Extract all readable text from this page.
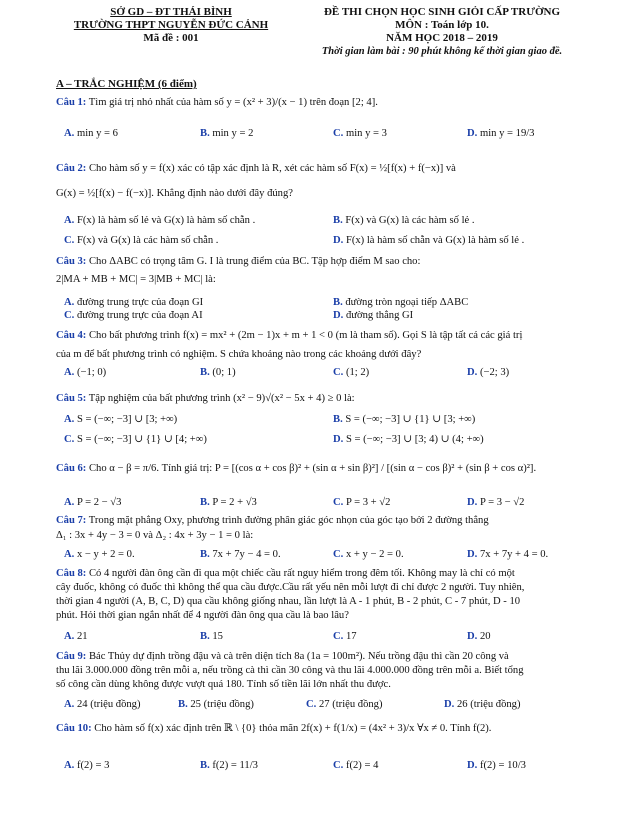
SỞ GD – ĐT THÁI BÌNH
TRƯỜNG THPT NGUYỄN ĐỨC CẢNH
Mã đề : 001
ĐỀ THI CHỌN HỌC SINH GIỎI CẤP TRƯỜNG
MÔN : Toán lớp 10.
NĂM HỌC 2018 – 2019
Thời gian làm bài : 90 phút không kể thời gian giao đề.
A – TRẮC NGHIỆM (6 điểm)
Câu 1: Tìm giá trị nhỏ nhất của hàm số y = (x² + 3)/(x − 1) trên đoạn [2; 4].
A. min y = 6	B. min y = 2	C. min y = 3	D. min y = 19/3
Câu 2: Cho hàm số y = f(x) xác có tập xác định là R, xét các hàm số F(x) = ½[f(x) + f(−x)] và
G(x) = ½[f(x) − f(−x)]. Khẳng định nào dưới đây đúng?
A. F(x) là hàm số lẻ và G(x) là hàm số chẵn .	B. F(x) và G(x) là các hàm số lẻ .
C. F(x) và G(x) là các hàm số chẵn .	D. F(x) là hàm số chẵn và G(x) là hàm số lẻ .
Câu 3: Cho ΔABC có trọng tâm G. I là trung điểm của BC. Tập hợp điểm M sao cho:
2|MA + MB + MC| = 3|MB + MC| là:
A. đường trung trực của đoạn GI	B. đường tròn ngoại tiếp ΔABC
C. đường trung trực của đoạn AI	D. đường thẳng GI
Câu 4: Cho bất phương trình f(x) = mx² + (2m − 1)x + m + 1 < 0 (m là tham số). Gọi S là tập tất cả các giá trị
của m để bất phương trình có nghiệm. S chứa khoảng nào trong các khoảng dưới đây?
A. (−1; 0)	B. (0; 1)	C. (1; 2)	D. (−2; 3)
Câu 5: Tập nghiệm của bất phương trình (x² − 9)√(x² − 5x + 4) ≥ 0 là:
A. S = (−∞; −3] ∪ [3; +∞)	B. S = (−∞; −3] ∪ {1} ∪ [3; +∞)
C. S = (−∞; −3] ∪ {1} ∪ [4; +∞)	D. S = (−∞; −3] ∪ [3; 4) ∪ (4; +∞)
Câu 6: Cho α − β = π/6. Tính giá trị: P = [(cos α + cos β)² + (sin α + sin β)²] / [(sin α − cos β)² + (sin β + cos α)²].
A. P = 2 − √3	B. P = 2 + √3	C. P = 3 + √2	D. P = 3 − √2
Câu 7: Trong mặt phẳng Oxy, phương trình đường phân giác góc nhọn của góc tạo bởi 2 đường thẳng
Δ₁ : 3x + 4y − 3 = 0 và Δ₂ : 4x + 3y − 1 = 0 là:
A. x − y + 2 = 0.	B. 7x + 7y − 4 = 0.	C. x + y − 2 = 0.	D. 7x + 7y + 4 = 0.
Câu 8: Có 4 người đàn ông cần đi qua một chiếc cầu rất nguy hiểm trong đêm tối. Không may là chỉ có một
cây đuốc, không có đuốc thì không thể qua cầu được.Cầu rất yếu nên mỗi lượt đi chỉ được 2 người. Tuy nhiên,
thời gian 4 người (A, B, C, D) qua cầu không giống nhau, lần lượt là A - 1 phút, B - 2 phút, C - 7 phút, D - 10
phút. Hỏi thời gian ngắn nhất để 4 người đàn ông qua cầu là bao lâu?
A. 21	B. 15	C. 17	D. 20
Câu 9: Bác Thủy dự định trồng đậu và cà trên diện tích 8a (1a = 100m²). Nếu trồng đậu thì cần 20 công và
thu lãi 3.000.000 đồng trên mỗi a, nếu trồng cà thì cần 30 công và thu lãi 4.000.000 đồng trên mỗi a. Biết tổng
số công cần dùng không được vượt quá 180. Tính số tiền lãi lớn nhất thu được.
A. 24 (triệu đồng)	B. 25 (triệu đồng)	C. 27 (triệu đồng)	D. 26 (triệu đồng)
Câu 10: Cho hàm số f(x) xác định trên ℝ \ {0} thỏa mãn 2f(x) + f(1/x) = (4x² + 3)/x ∀x ≠ 0. Tính f(2).
A. f(2) = 3	B. f(2) = 11/3	C. f(2) = 4	D. f(2) = 10/3
